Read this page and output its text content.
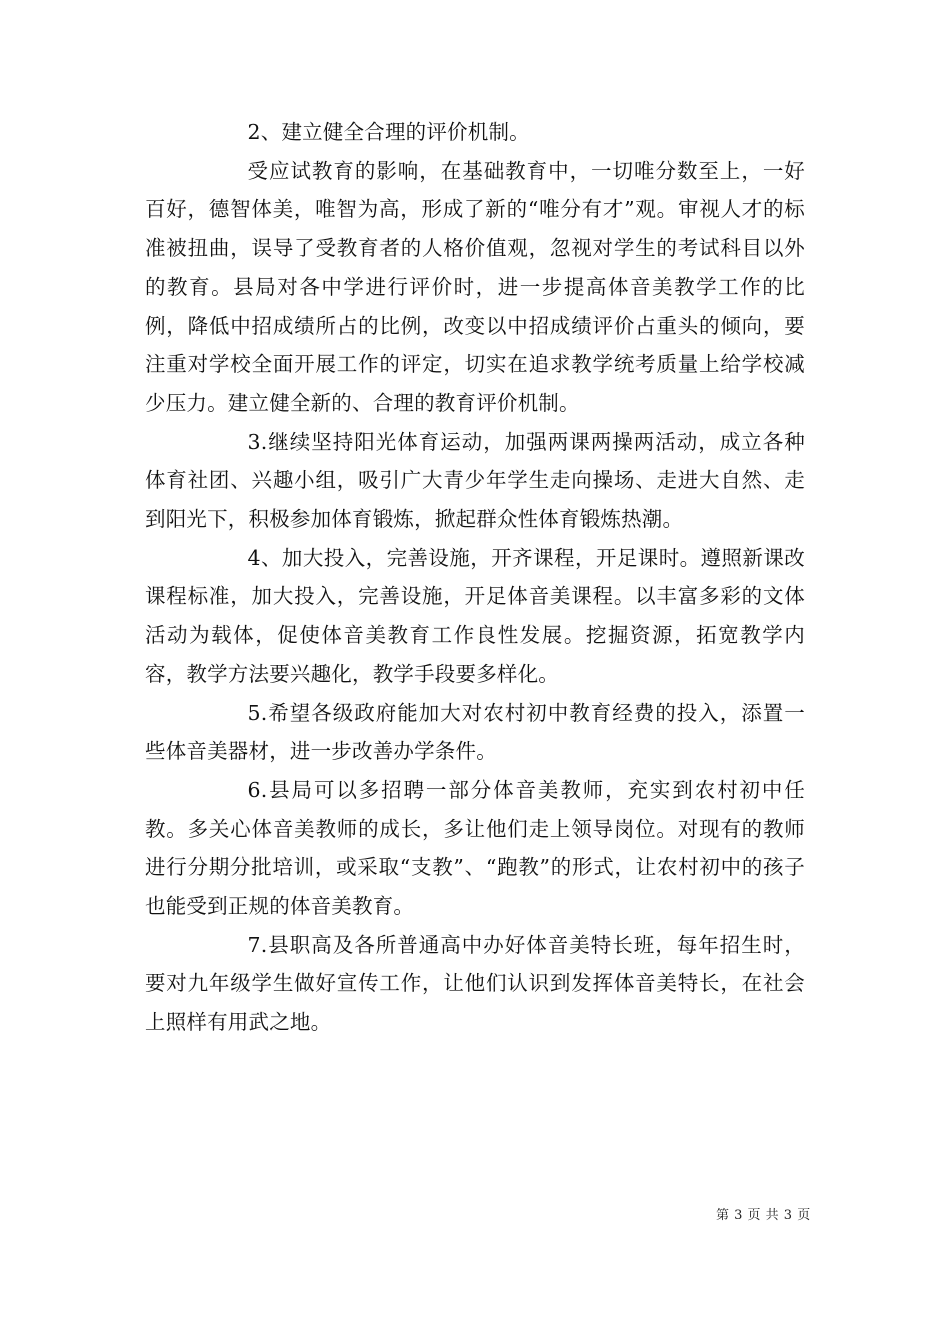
2、建立健全合理的评价机制。

受应试教育的影响，在基础教育中，一切唯分数至上，一好百好，德智体美，唯智为高，形成了新的“唯分有才”观。审视人才的标准被扭曲，误导了受教育者的人格价值观，忽视对学生的考试科目以外的教育。县局对各中学进行评价时，进一步提高体音美教学工作的比例，降低中招成绩所占的比例，改变以中招成绩评价占重头的倾向，要注重对学校全面开展工作的评定，切实在追求教学统考质量上给学校减少压力。建立健全新的、合理的教育评价机制。

3.继续坚持阳光体育运动，加强两课两操两活动，成立各种体育社团、兴趣小组，吸引广大青少年学生走向操场、走进大自然、走到阳光下，积极参加体育锻炼，掀起群众性体育锻炼热潮。

4、加大投入，完善设施，开齐课程，开足课时。遵照新课改课程标准，加大投入，完善设施，开足体音美课程。以丰富多彩的文体活动为载体，促使体音美教育工作良性发展。挖掘资源，拓宽教学内容，教学方法要兴趣化，教学手段要多样化。

5.希望各级政府能加大对农村初中教育经费的投入，添置一些体音美器材，进一步改善办学条件。

6.县局可以多招聘一部分体音美教师，充实到农村初中任教。多关心体音美教师的成长，多让他们走上领导岗位。对现有的教师进行分期分批培训，或采取“支教”、“跑教”的形式，让农村初中的孩子也能受到正规的体音美教育。

7.县职高及各所普通高中办好体音美特长班，每年招生时，要对九年级学生做好宣传工作，让他们认识到发挥体音美特长，在社会上照样有用武之地。

第 3 页 共 3 页
